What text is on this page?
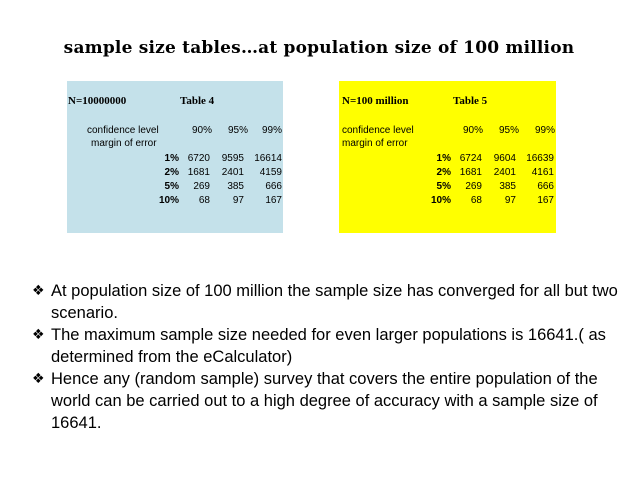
sample size tables…at population size of 100 million
N=10000000	Table 4
confidence level
margin of error
90%	95%	99%
1% 6720	9595	16614
2% 1681	2401	4159
5%	269	385	666
10%	68	97	167
N=100 million	Table 5
confidence level
margin of error
90%	95%	99%
1% 6724	9604	16639
2% 1681	2401	4161
5%	269	385	666
10%	68	97	167
❖ At population size of 100 million the sample size has converged for all but two scenario.
❖ The maximum sample size needed for even larger populations is 16641.( as determined from the eCalculator)
❖ Hence any (random sample) survey that covers the entire population of the world can be carried out to a high degree of accuracy with a sample size of 16641.
